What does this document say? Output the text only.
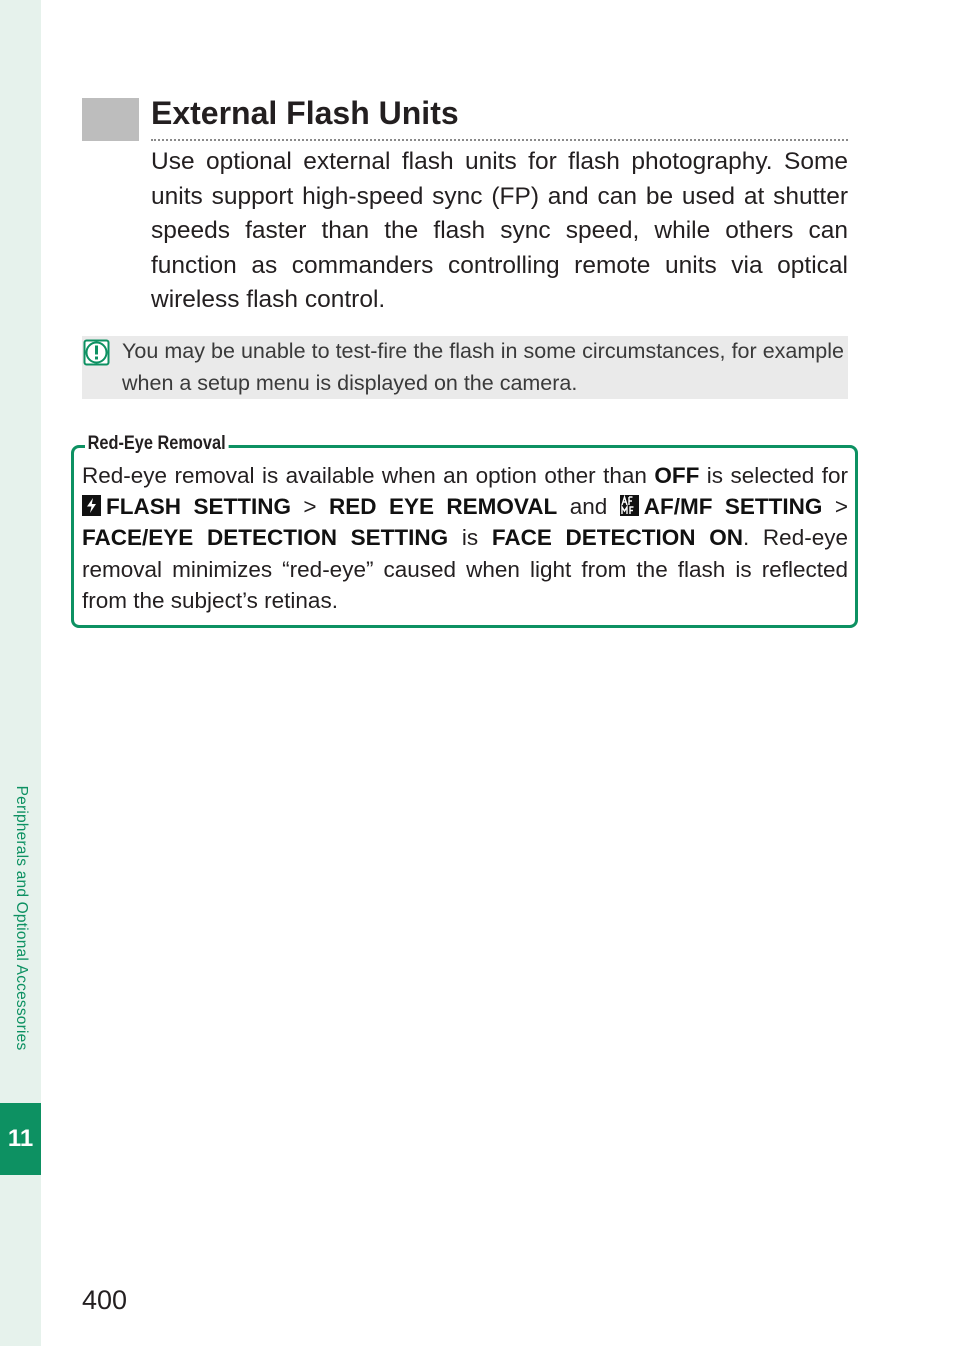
Peripherals and Optional Accessories
11
External Flash Units

Use optional external flash units for flash photography. Some units support high-speed sync (FP) and can be used at shutter speeds faster than the flash sync speed, while others can function as commanders controlling remote units via optical wireless flash control.

You may be unable to test-fire the flash in some circumstances, for example when a setup menu is displayed on the camera.

Red-Eye Removal

Red-eye removal is available when an option other than OFF is selected for FLASH SETTING > RED EYE REMOVAL and AF/MF SETTING > FACE/EYE DETECTION SETTING is FACE DETECTION ON. Red-eye removal minimizes “red-eye” caused when light from the flash is reflected from the subject’s retinas.

400
